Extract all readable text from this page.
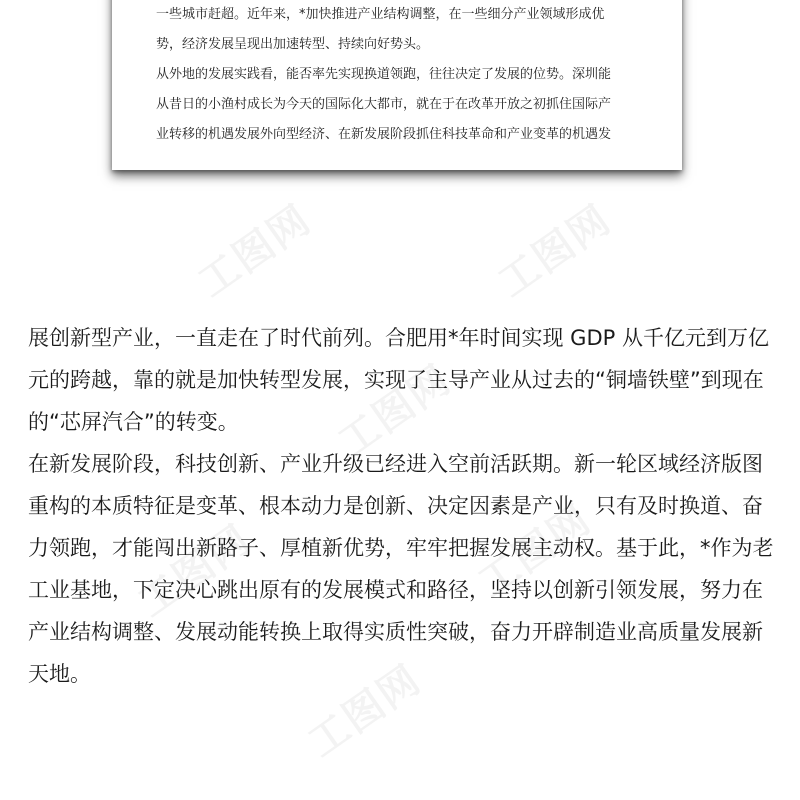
一些城市赶超。近年来，*加快推进产业结构调整，在一些细分产业领域形成优
势，经济发展呈现出加速转型、持续向好势头。

从外地的发展实践看，能否率先实现换道领跑，往往决定了发展的位势。深圳能
从昔日的小渔村成长为今天的国际化大都市，就在于在改革开放之初抓住国际产
业转移的机遇发展外向型经济、在新发展阶段抓住科技革命和产业变革的机遇发

工图网	工图网
工图网
工图网	工图网
工图网
展创新型产业，一直走在了时代前列。合肥用*年时间实现 GDP 从千亿元到万亿
元的跨越，靠的就是加快转型发展，实现了主导产业从过去的“铜墙铁壁”到现在
的“芯屏汽合”的转变。
在新发展阶段，科技创新、产业升级已经进入空前活跃期。新一轮区域经济版图
重构的本质特征是变革、根本动力是创新、决定因素是产业，只有及时换道、奋
力领跑，才能闯出新路子、厚植新优势，牢牢把握发展主动权。基于此，*作为老
工业基地，下定决心跳出原有的发展模式和路径，坚持以创新引领发展，努力在
产业结构调整、发展动能转换上取得实质性突破，奋力开辟制造业高质量发展新
天地。
